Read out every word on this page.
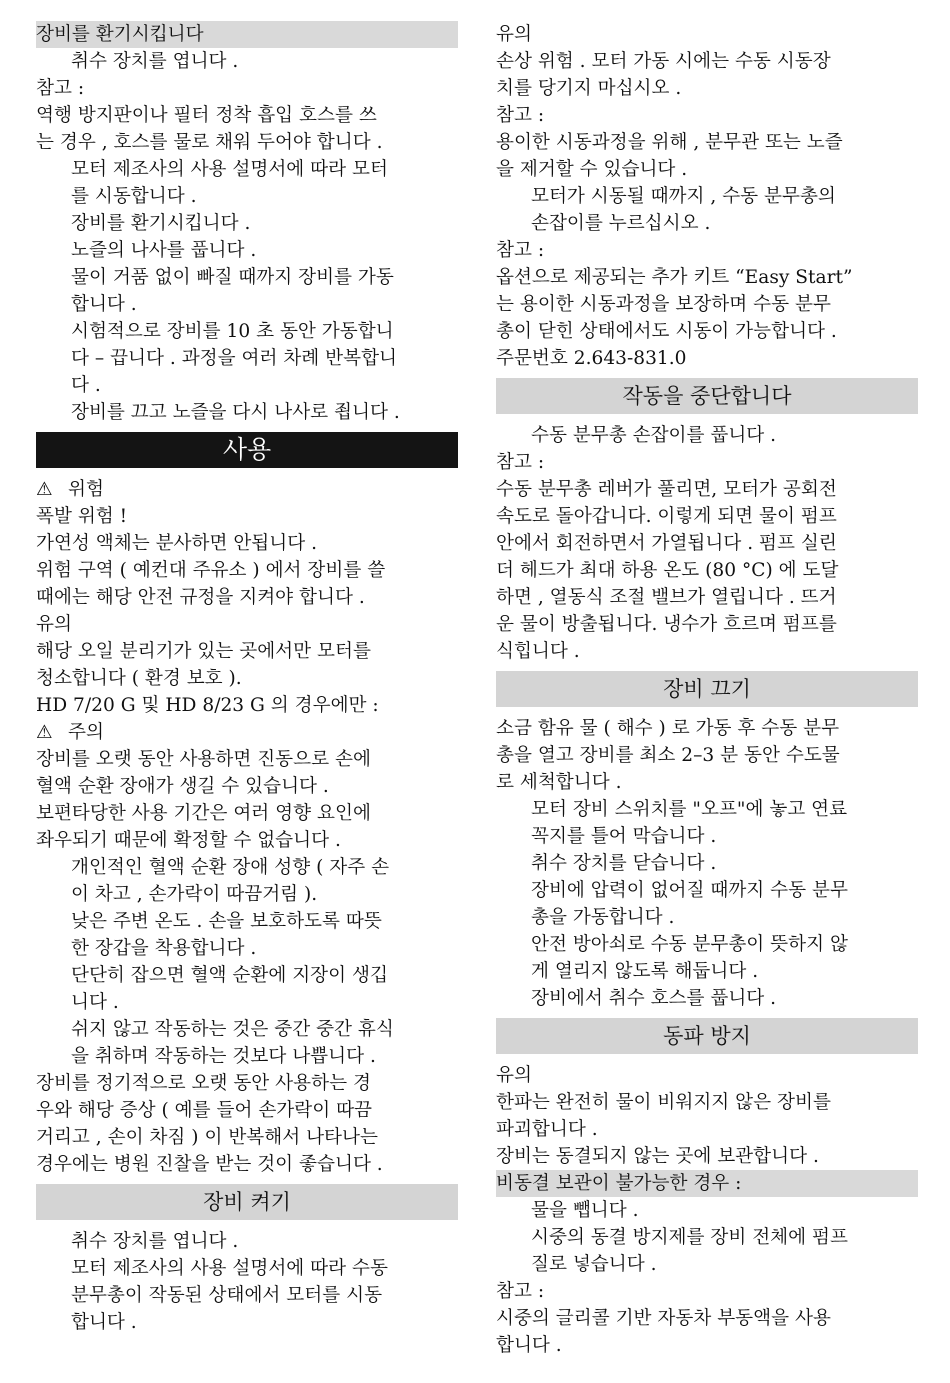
장비를 환기시킵니다
취수 장치를 엽니다 .
참고 :
역행 방지판이나 필터 정착 흡입 호스를 쓰
는 경우 , 호스를 물로 채워 두어야 합니다 .
모터 제조사의 사용 설명서에 따라 모터
를 시동합니다 .
장비를 환기시킵니다 .
노즐의 나사를 풉니다 .
물이 거품 없이 빠질 때까지 장비를 가동
합니다 .
시험적으로 장비를 10 초 동안 가동합니
다 – 끕니다 . 과정을 여러 차례 반복합니
다 .
장비를 끄고 노즐을 다시 나사로 죕니다 .
사용
⚠ 위험
폭발 위험 !
가연성 액체는 분사하면 안됩니다 .
위험 구역 ( 예컨대 주유소 ) 에서 장비를 쓸
때에는 해당 안전 규정을 지켜야 합니다 .
유의
해당 오일 분리기가 있는 곳에서만 모터를
청소합니다 ( 환경 보호 ).
HD 7/20 G 및 HD 8/23 G 의 경우에만 :
⚠ 주의
장비를 오랫 동안 사용하면 진동으로 손에
혈액 순환 장애가 생길 수 있습니다 .
보편타당한 사용 기간은 여러 영향 요인에
좌우되기 때문에 확정할 수 없습니다 .
개인적인 혈액 순환 장애 성향 ( 자주 손
이 차고 , 손가락이 따끔거림 ).
낮은 주변 온도 . 손을 보호하도록 따뜻
한 장갑을 착용합니다 .
단단히 잡으면 혈액 순환에 지장이 생깁
니다 .
쉬지 않고 작동하는 것은 중간 중간 휴식
을 취하며 작동하는 것보다 나쁩니다 .
장비를 정기적으로 오랫 동안 사용하는 경
우와 해당 증상 ( 예를 들어 손가락이 따끔
거리고 , 손이 차짐 ) 이 반복해서 나타나는
경우에는 병원 진찰을 받는 것이 좋습니다 .
장비 켜기
취수 장치를 엽니다 .
모터 제조사의 사용 설명서에 따라 수동
분무총이 작동된 상태에서 모터를 시동
합니다 .
유의
손상 위험 . 모터 가동 시에는 수동 시동장
치를 당기지 마십시오 .
참고 :
용이한 시동과정을 위해 , 분무관 또는 노즐
을 제거할 수 있습니다 .
모터가 시동될 때까지 , 수동 분무총의
손잡이를 누르십시오 .
참고 :
옵션으로 제공되는 추가 키트 “Easy Start”
는 용이한 시동과정을 보장하며 수동 분무
총이 닫힌 상태에서도 시동이 가능합니다 .
주문번호 2.643-831.0
작동을 중단합니다
수동 분무총 손잡이를 풉니다 .
참고 :
수동 분무총 레버가 풀리면, 모터가 공회전
속도로 돌아갑니다. 이렇게 되면 물이 펌프
안에서 회전하면서 가열됩니다 . 펌프 실린
더 헤드가 최대 하용 온도 (80 °C) 에 도달
하면 , 열동식 조절 밸브가 열립니다 . 뜨거
운 물이 방출됩니다. 냉수가 흐르며 펌프를
식힙니다 .
장비 끄기
소금 함유 물 ( 해수 ) 로 가동 후 수동 분무
총을 열고 장비를 최소 2–3 분 동안 수도물
로 세척합니다 .
모터 장비 스위치를 "오프"에 놓고 연료
꼭지를 틀어 막습니다 .
취수 장치를 닫습니다 .
장비에 압력이 없어질 때까지 수동 분무
총을 가동합니다 .
안전 방아쇠로 수동 분무총이 뜻하지 않
게 열리지 않도록 해둡니다 .
장비에서 취수 호스를 풉니다 .
동파 방지
유의
한파는 완전히 물이 비워지지 않은 장비를
파괴합니다 .
장비는 동결되지 않는 곳에 보관합니다 .
비동결 보관이 불가능한 경우 :
물을 뺍니다 .
시중의 동결 방지제를 장비 전체에 펌프
질로 넣습니다 .
참고 :
시중의 글리콜 기반 자동차 부동액을 사용
합니다 .
